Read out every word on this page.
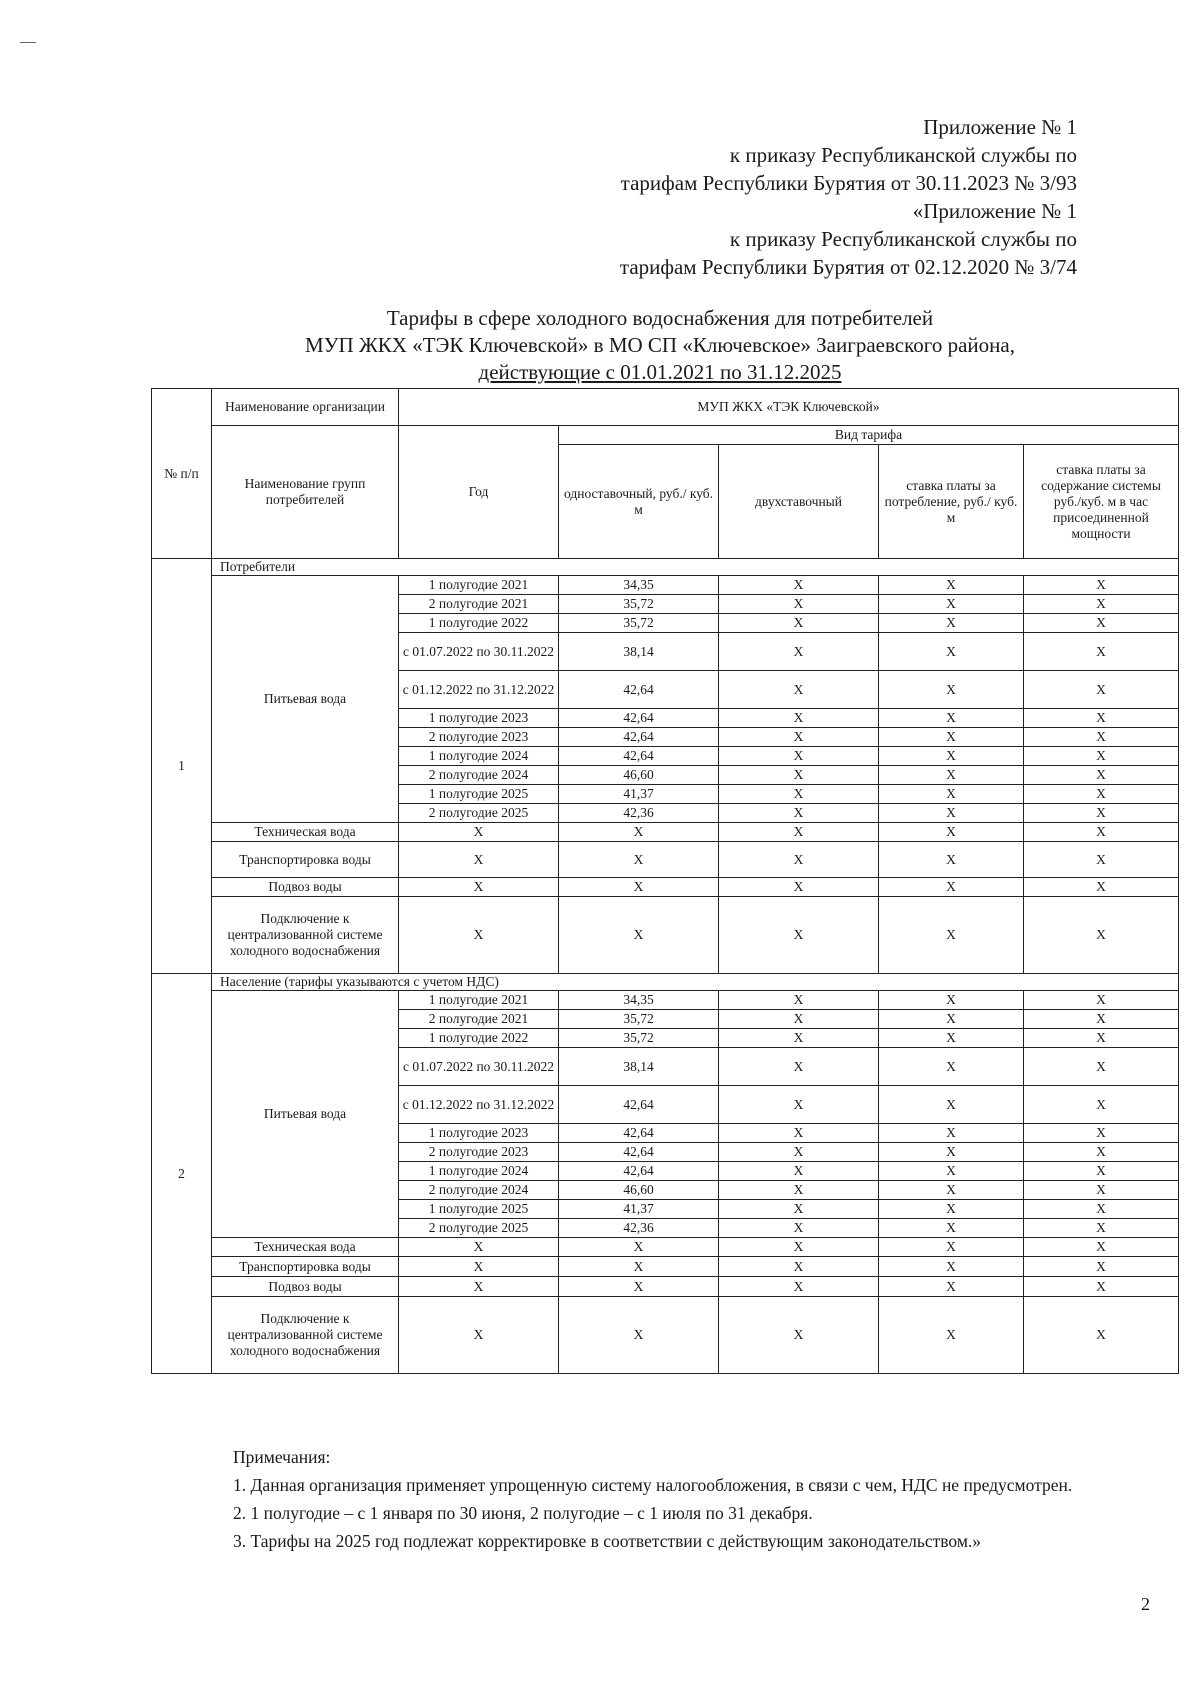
Приложение № 1
к приказу Республиканской службы по
тарифам Республики Бурятия от 30.11.2023 № 3/93
«Приложение № 1
к приказу Республиканской службы по
тарифам Республики Бурятия от 02.12.2020 № 3/74
Тарифы в сфере холодного водоснабжения для потребителей
МУП ЖКХ «ТЭК Ключевской» в МО СП «Ключевское» Заиграевского района,
действующие с 01.01.2021 по 31.12.2025
№ п/п	Наименование организации	МУП ЖКХ «ТЭК Ключевской»				
	Наименование групп потребителей	Год	Вид тарифа			
			одноставочный, руб./ куб. м	двухставочный	ставка платы за потребление, руб./ куб. м	ставка платы за содержание системы руб./куб. м в час присоединенной мощности
1	Потребители					
	Питьевая вода	1 полугодие 2021	34,35	X	X	X
		2 полугодие 2021	35,72	X	X	X
		1 полугодие 2022	35,72	X	X	X
		с 01.07.2022 по 30.11.2022	38,14	X	X	X
		с 01.12.2022 по 31.12.2022	42,64	X	X	X
		1 полугодие 2023	42,64	X	X	X
		2 полугодие 2023	42,64	X	X	X
		1 полугодие 2024	42,64	X	X	X
		2 полугодие 2024	46,60	X	X	X
		1 полугодие 2025	41,37	X	X	X
		2 полугодие 2025	42,36	X	X	X
	Техническая вода	X	X	X	X	X
	Транспортировка воды	X	X	X	X	X
	Подвоз воды	X	X	X	X	X
	Подключение к централизованной системе холодного водоснабжения	X	X	X	X	X
2	Население (тарифы указываются с учетом НДС)					
	Питьевая вода	1 полугодие 2021	34,35	X	X	X
		2 полугодие 2021	35,72	X	X	X
		1 полугодие 2022	35,72	X	X	X
		с 01.07.2022 по 30.11.2022	38,14	X	X	X
		с 01.12.2022 по 31.12.2022	42,64	X	X	X
		1 полугодие 2023	42,64	X	X	X
		2 полугодие 2023	42,64	X	X	X
		1 полугодие 2024	42,64	X	X	X
		2 полугодие 2024	46,60	X	X	X
		1 полугодие 2025	41,37	X	X	X
		2 полугодие 2025	42,36	X	X	X
	Техническая вода	X	X	X	X	X
	Транспортировка воды	X	X	X	X	X
	Подвоз воды	X	X	X	X	X
	Подключение к централизованной системе холодного водоснабжения	X	X	X	X	X
Примечания:
1. Данная организация применяет упрощенную систему налогообложения, в связи с чем, НДС не предусмотрен.
2. 1 полугодие – с 1 января по 30 июня, 2 полугодие – с 1 июля по 31 декабря.
3. Тарифы на 2025 год подлежат корректировке в соответствии с действующим законодательством.»
2
